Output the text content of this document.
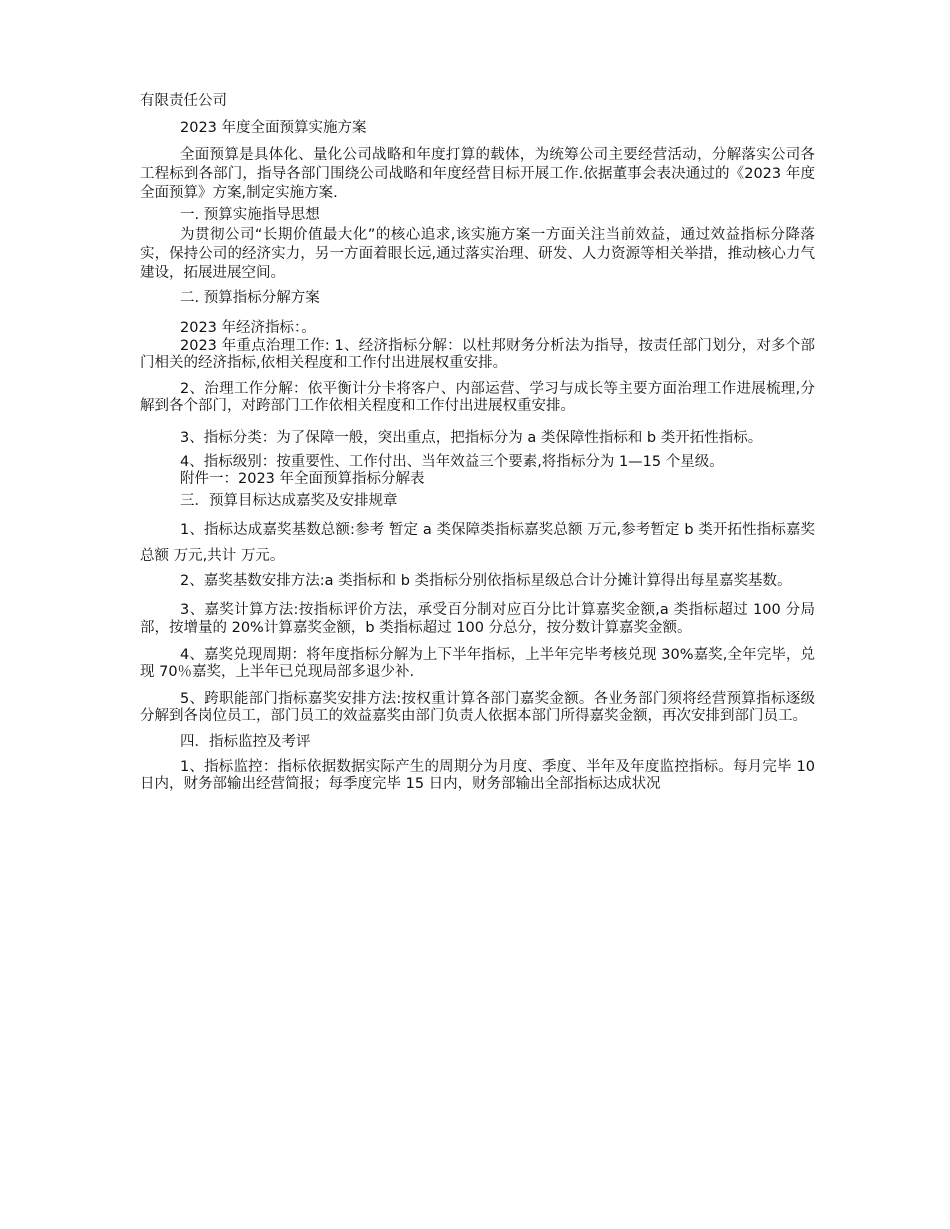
有限责任公司

2023 年度全面预算实施方案

全面预算是具体化、量化公司战略和年度打算的载体，为统筹公司主要经营活动，分解落实公司各工程标到各部门，指导各部门围绕公司战略和年度经营目标开展工作.依据董事会表决通过的《2023 年度全面预算》方案,制定实施方案.

一. 预算实施指导思想

为贯彻公司“长期价值最大化”的核心追求,该实施方案一方面关注当前效益，通过效益指标分降落实，保持公司的经济实力，另一方面着眼长远,通过落实治理、研发、人力资源等相关举措，推动核心力气建设，拓展进展空间。

二. 预算指标分解方案

2023 年经济指标：。

2023 年重点治理工作: 1、经济指标分解：以杜邦财务分析法为指导，按责任部门划分，对多个部门相关的经济指标,依相关程度和工作付出进展权重安排。

2、治理工作分解：依平衡计分卡将客户、内部运营、学习与成长等主要方面治理工作进展梳理,分解到各个部门，对跨部门工作依相关程度和工作付出进展权重安排。

3、指标分类：为了保障一般，突出重点，把指标分为 a 类保障性指标和 b 类开拓性指标。

4、指标级别：按重要性、工作付出、当年效益三个要素,将指标分为 1—15 个星级。

附件一：2023 年全面预算指标分解表

三．预算目标达成嘉奖及安排规章

1、指标达成嘉奖基数总额:参考 暂定 a 类保障类指标嘉奖总额 万元,参考暂定 b 类开拓性指标嘉奖总额 万元,共计 万元。

2、嘉奖基数安排方法:a 类指标和 b 类指标分别依指标星级总合计分摊计算得出每星嘉奖基数。

3、嘉奖计算方法:按指标评价方法，承受百分制对应百分比计算嘉奖金额,a 类指标超过 100 分局部，按增量的 20%计算嘉奖金额，b 类指标超过 100 分总分，按分数计算嘉奖金额。

4、嘉奖兑现周期：将年度指标分解为上下半年指标，上半年完毕考核兑现 30%嘉奖,全年完毕，兑现 70％嘉奖，上半年已兑现局部多退少补.

5、跨职能部门指标嘉奖安排方法:按权重计算各部门嘉奖金额。各业务部门须将经营预算指标逐级分解到各岗位员工，部门员工的效益嘉奖由部门负责人依据本部门所得嘉奖金额，再次安排到部门员工。

四．指标监控及考评

1、指标监控：指标依据数据实际产生的周期分为月度、季度、半年及年度监控指标。每月完毕 10 日内，财务部输出经营简报；每季度完毕 15 日内，财务部输出全部指标达成状况
